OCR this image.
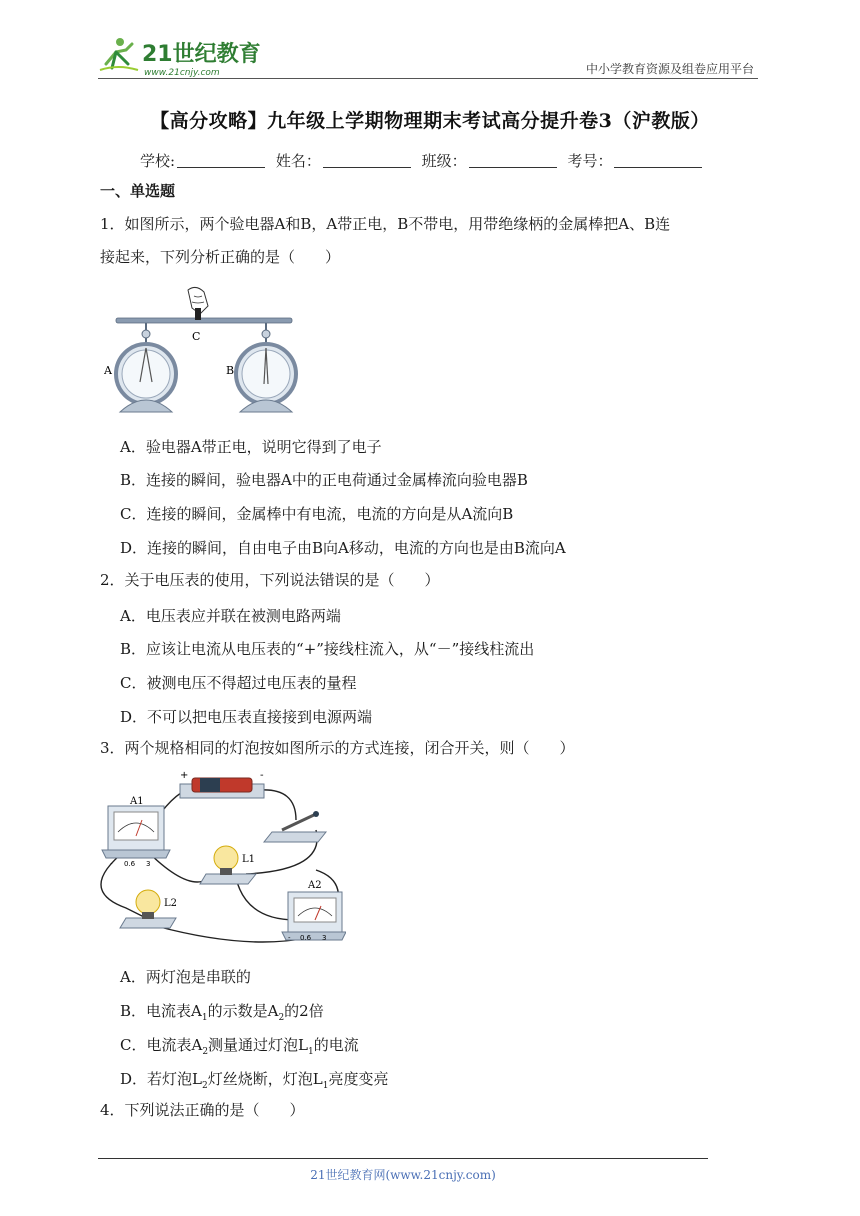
21世纪教育
www.21cnjy.com	中小学教育资源及组卷应用平台
【高分攻略】九年级上学期物理期末考试高分提升卷3（沪教版）
学校:	姓名：	班级：	考号：
一、单选题
1．如图所示，两个验电器A和B，A带正电，B不带电，用带绝缘柄的金属棒把A、B连
接起来，下列分析正确的是（　　）
C
A	B
A．验电器A带正电，说明它得到了电子
B．连接的瞬间，验电器A中的正电荷通过金属棒流向验电器B
C．连接的瞬间，金属棒中有电流，电流的方向是从A流向B
D．连接的瞬间，自由电子由B向A移动，电流的方向也是由B流向A
2．关于电压表的使用，下列说法错误的是（　　）
A．电压表应并联在被测电路两端
B．应该让电流从电压表的“+”接线柱流入，从“－”接线柱流出
C．被测电压不得超过电压表的量程
D．不可以把电压表直接接到电源两端
3．两个规格相同的灯泡按如图所示的方式连接，闭合开关，则（　　）
+	-
A1
- 0.6 3	L1
L2
A2
- 0.6 3
A．两灯泡是串联的
B．电流表$A_1$的示数是$A_2$的2倍
C．电流表$A_2$测量通过灯泡$L_1$的电流
D．若灯泡$L_2$灯丝烧断，灯泡$L_1$亮度变亮
4．下列说法正确的是（　　）
21世纪教育网(www.21cnjy.com)
